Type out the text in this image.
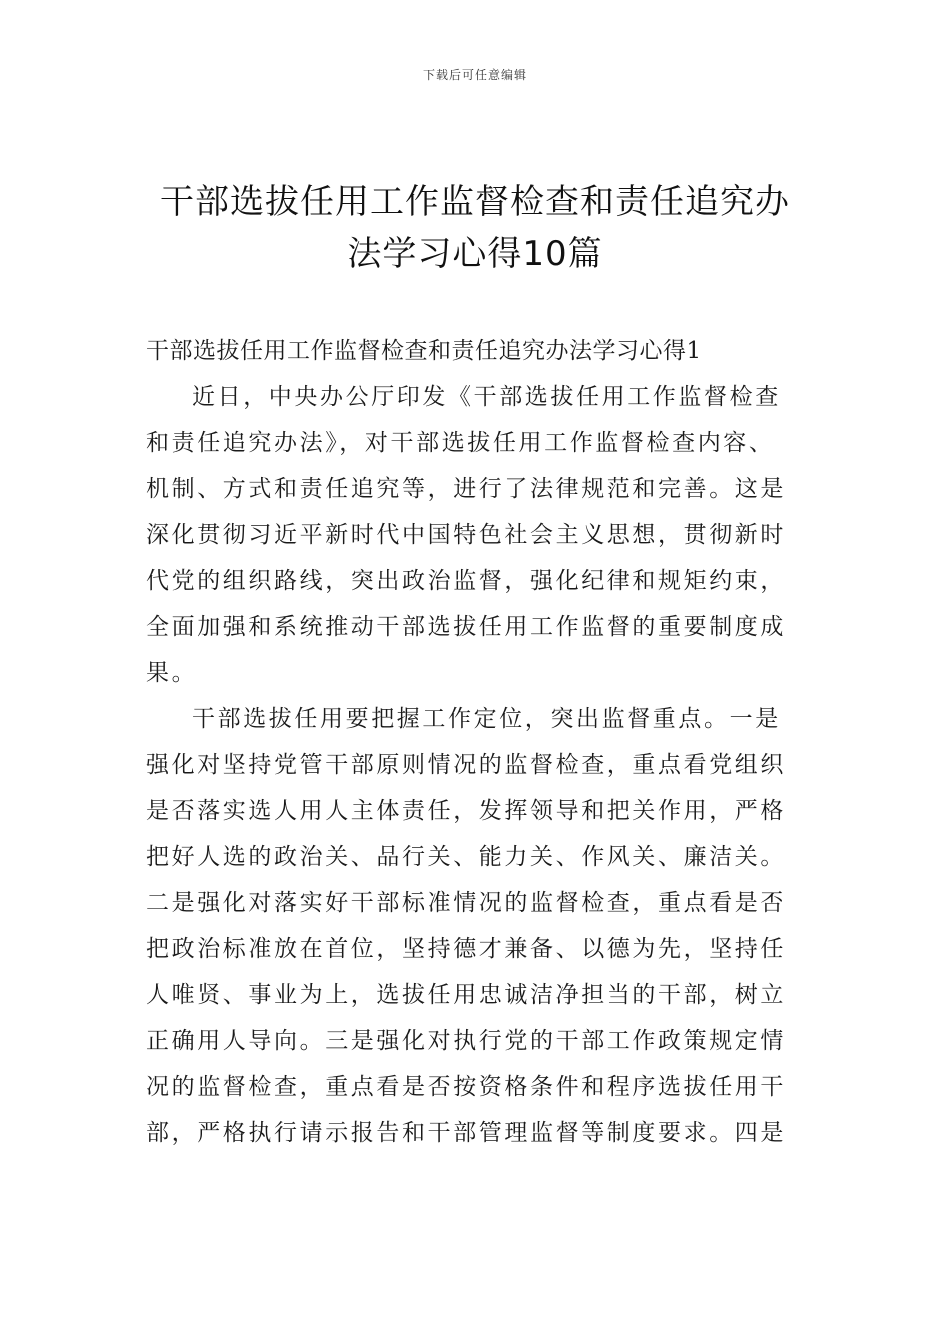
下载后可任意编辑
干部选拔任用工作监督检查和责任追究办
法学习心得10篇
干部选拔任用工作监督检查和责任追究办法学习心得1
近日，中央办公厅印发《干部选拔任用工作监督检查
和责任追究办法》，对干部选拔任用工作监督检查内容、
机制、方式和责任追究等，进行了法律规范和完善。这是
深化贯彻习近平新时代中国特色社会主义思想，贯彻新时
代党的组织路线，突出政治监督，强化纪律和规矩约束，
全面加强和系统推动干部选拔任用工作监督的重要制度成
果。
干部选拔任用要把握工作定位，突出监督重点。一是
强化对坚持党管干部原则情况的监督检查，重点看党组织
是否落实选人用人主体责任，发挥领导和把关作用，严格
把好人选的政治关、品行关、能力关、作风关、廉洁关。
二是强化对落实好干部标准情况的监督检查，重点看是否
把政治标准放在首位，坚持德才兼备、以德为先，坚持任
人唯贤、事业为上，选拔任用忠诚洁净担当的干部，树立
正确用人导向。三是强化对执行党的干部工作政策规定情
况的监督检查，重点看是否按资格条件和程序选拔任用干
部，严格执行请示报告和干部管理监督等制度要求。四是
